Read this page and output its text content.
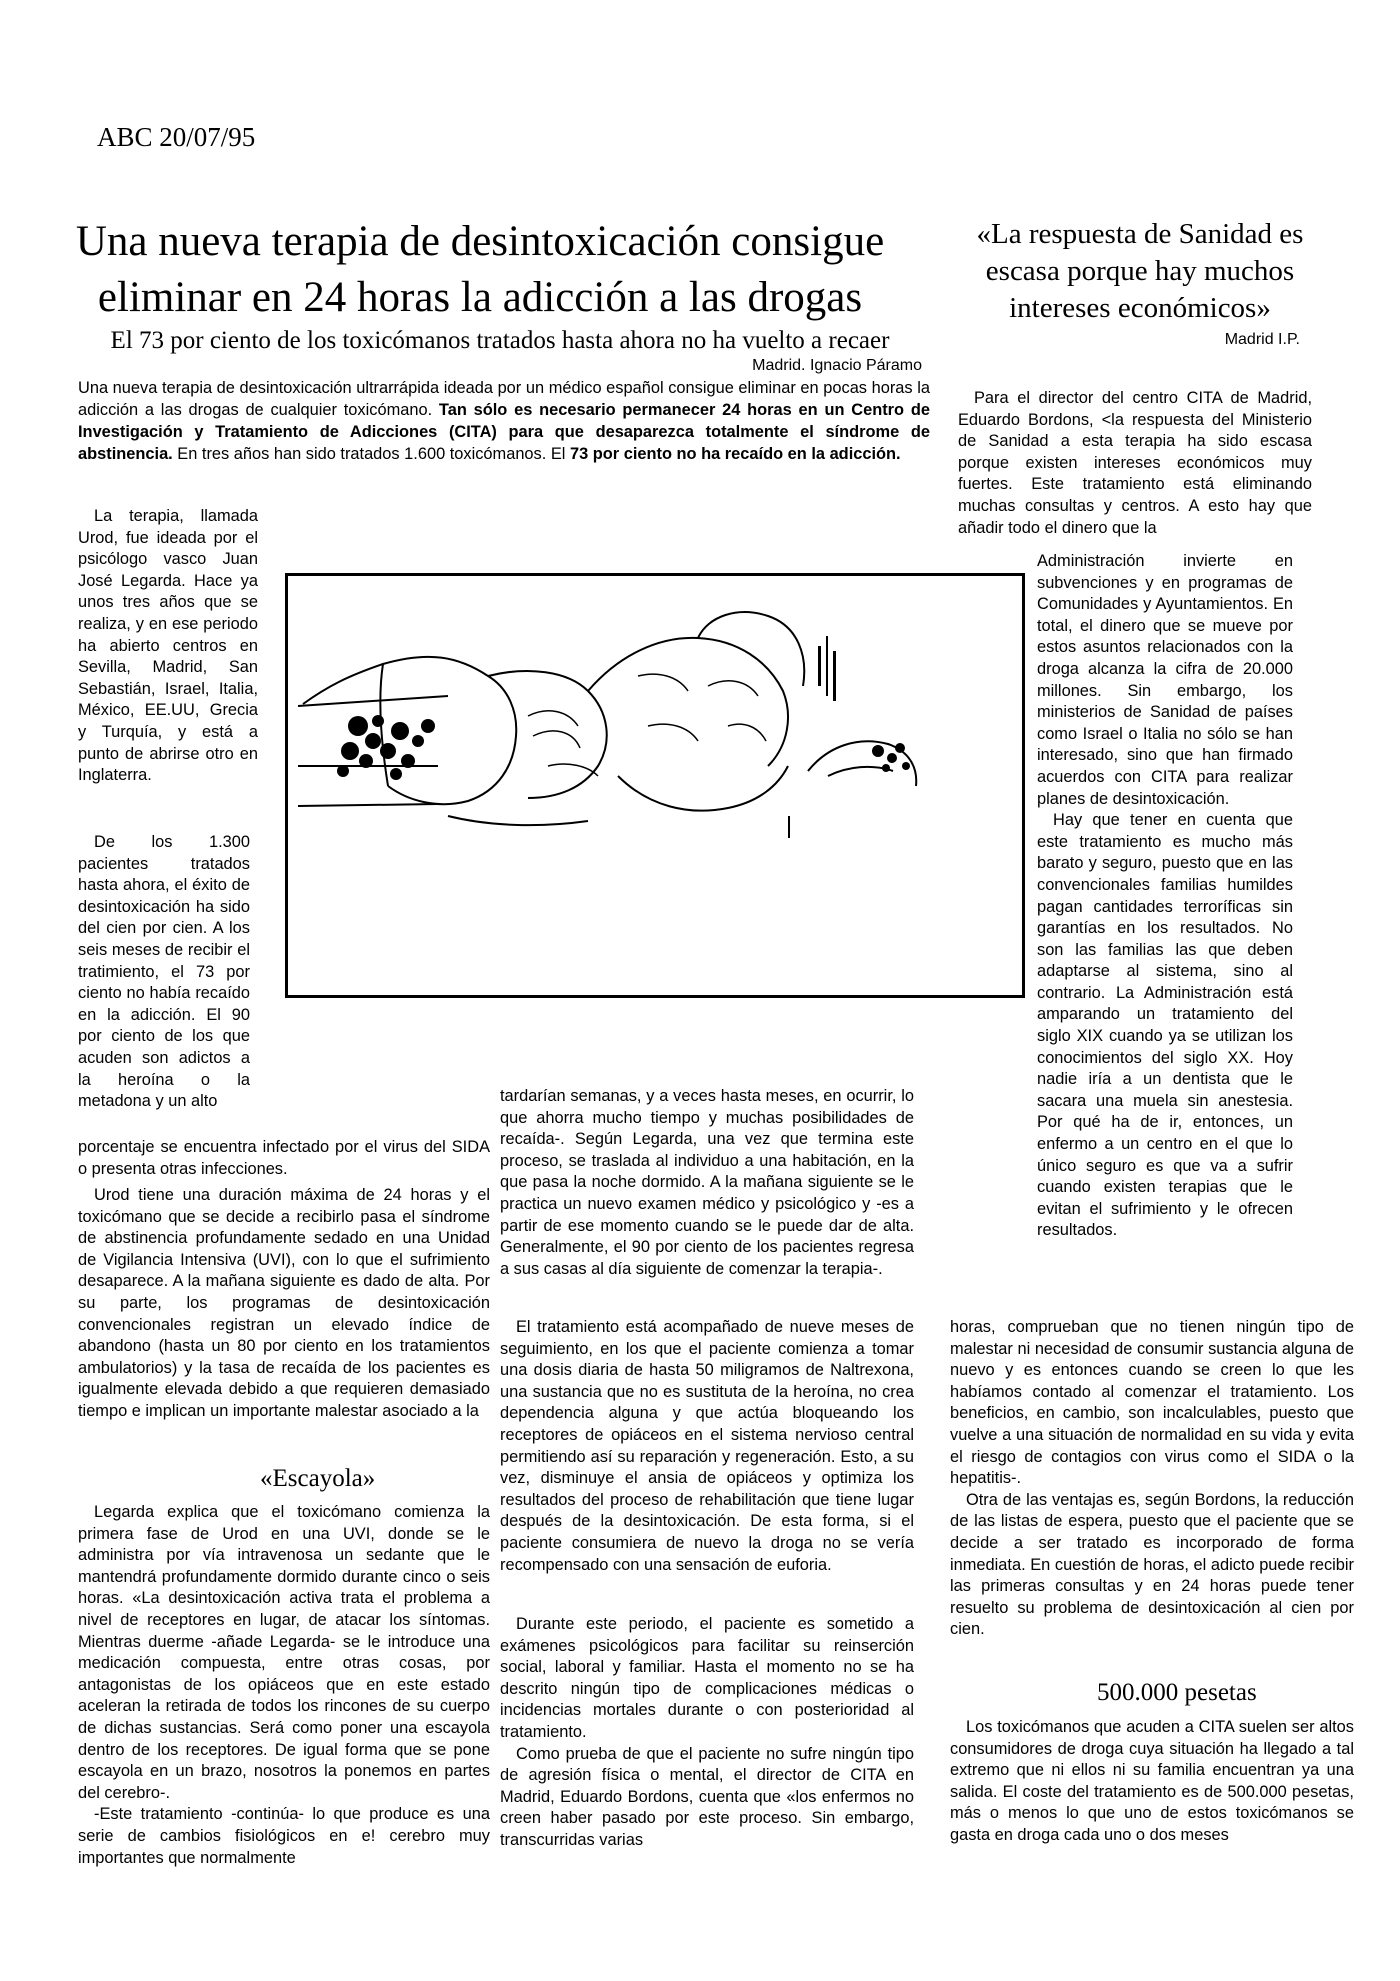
ABC 20/07/95
Una nueva terapia de desintoxicación consigue eliminar en 24 horas la adicción a las drogas
El 73 por ciento de los toxicómanos tratados hasta ahora no ha vuelto a recaer
Madrid. Ignacio Páramo
Una nueva terapia de desintoxicación ultrarrápida ideada por un médico español consigue eliminar en pocas horas la adicción a las drogas de cualquier toxicómano. Tan sólo es necesario permanecer 24 horas en un Centro de Investigación y Tratamiento de Adicciones (CITA) para que desaparezca totalmente el síndrome de abstinencia. En tres años han sido tratados 1.600 toxicómanos. El 73 por ciento no ha recaído en la adicción.
«La respuesta de Sanidad es escasa porque hay muchos intereses económicos»
Madrid I.P.

La terapia, llamada Urod, fue ideada por el psicólogo vasco Juan José Legarda. Hace ya unos tres años que se realiza, y en ese periodo ha abierto centros en Sevilla, Madrid, San Sebastián, Israel, Italia, México, EE.UU, Grecia y Turquía, y está a punto de abrirse otro en Inglaterra.

De los 1.300 pacientes tratados hasta ahora, el éxito de desintoxicación ha sido del cien por cien. A los seis meses de recibir el tratimiento, el 73 por ciento no había recaído en la adicción. El 90 por ciento de los que acuden son adictos a la heroína o la metadona y un alto

porcentaje se encuentra infectado por el virus del SIDA o presenta otras infecciones.

Urod tiene una duración máxima de 24 horas y el toxicómano que se decide a recibirlo pasa el síndrome de abstinencia profundamente sedado en una Unidad de Vigilancia Intensiva (UVI), con lo que el sufrimiento desaparece. A la mañana siguiente es dado de alta. Por su parte, los programas de desintoxicación convencionales registran un elevado índice de abandono (hasta un 80 por ciento en los tratamientos ambulatorios) y la tasa de recaída de los pacientes es igualmente elevada debido a que requieren demasiado tiempo e implican un importante malestar asociado a la

«Escayola»

Legarda explica que el toxicómano comienza la primera fase de Urod en una UVI, donde se le administra por vía intravenosa un sedante que le mantendrá profundamente dormido durante cinco o seis horas. «La desintoxicación activa trata el problema a nivel de receptores en lugar, de atacar los síntomas. Mientras duerme -añade Legarda- se le introduce una medicación compuesta, entre otras cosas, por antagonistas de los opiáceos que en este estado aceleran la retirada de todos los rincones de su cuerpo de dichas sustancias. Será como poner una escayola dentro de los receptores. De igual forma que se pone escayola en un brazo, nosotros la ponemos en partes del cerebro-.

-Este tratamiento -continúa- lo que produce es una serie de cambios fisiológicos en e! cerebro muy importantes que normalmente

tardarían semanas, y a veces hasta meses, en ocurrir, lo que ahorra mucho tiempo y muchas posibilidades de recaída-. Según Legarda, una vez que termina este proceso, se traslada al individuo a una habitación, en la que pasa la noche dormido. A la mañana siguiente se le practica un nuevo examen médico y psicológico y -es a partir de ese momento cuando se le puede dar de alta. Generalmente, el 90 por ciento de los pacientes regresa a sus casas al día siguiente de comenzar la terapia-.

El tratamiento está acompañado de nueve meses de seguimiento, en los que el paciente comienza a tomar una dosis diaria de hasta 50 miligramos de Naltrexona, una sustancia que no es sustituta de la heroína, no crea dependencia alguna y que actúa bloqueando los receptores de opiáceos en el sistema nervioso central permitiendo así su reparación y regeneración. Esto, a su vez, disminuye el ansia de opiáceos y optimiza los resultados del proceso de rehabilitación que tiene lugar después de la desintoxicación. De esta forma, si el paciente consumiera de nuevo la droga no se vería recompensado con una sensación de euforia.

Durante este periodo, el paciente es sometido a exámenes psicológicos para facilitar su reinserción social, laboral y familiar. Hasta el momento no se ha descrito ningún tipo de complicaciones médicas o incidencias mortales durante o con posterioridad al tratamiento.

Como prueba de que el paciente no sufre ningún tipo de agresión física o mental, el director de CITA en Madrid, Eduardo Bordons, cuenta que «los enfermos no creen haber pasado por este proceso. Sin embargo, transcurridas varias

Para el director del centro CITA de Madrid, Eduardo Bordons, <la respuesta del Ministerio de Sanidad a esta terapia ha sido escasa porque existen intereses económicos muy fuertes. Este tratamiento está eliminando muchas consultas y centros. A esto hay que añadir todo el dinero que la

Administración invierte en subvenciones y en programas de Comunidades y Ayuntamientos. En total, el dinero que se mueve por estos asuntos relacionados con la droga alcanza la cifra de 20.000 millones. Sin embargo, los ministerios de Sanidad de países como Israel o Italia no sólo se han interesado, sino que han firmado acuerdos con CITA para realizar planes de desintoxicación.

Hay que tener en cuenta que este tratamiento es mucho más barato y seguro, puesto que en las convencionales familias humildes pagan cantidades terroríficas sin garantías en los resultados. No son las familias las que deben adaptarse al sistema, sino al contrario. La Administración está amparando un tratamiento del siglo XIX cuando ya se utilizan los conocimientos del siglo XX. Hoy nadie iría a un dentista que le sacara una muela sin anestesia. Por qué ha de ir, entonces, un enfermo a un centro en el que lo único seguro es que va a sufrir cuando existen terapias que le evitan el sufrimiento y le ofrecen resultados.

horas, comprueban que no tienen ningún tipo de malestar ni necesidad de consumir sustancia alguna de nuevo y es entonces cuando se creen lo que les habíamos contado al comenzar el tratamiento. Los beneficios, en cambio, son incalculables, puesto que vuelve a una situación de normalidad en su vida y evita el riesgo de contagios con virus como el SIDA o la hepatitis-.

Otra de las ventajas es, según Bordons, la reducción de las listas de espera, puesto que el paciente que se decide a ser tratado es incorporado de forma inmediata. En cuestión de horas, el adicto puede recibir las primeras consultas y en 24 horas puede tener resuelto su problema de desintoxicación al cien por cien.

500.000 pesetas

Los toxicómanos que acuden a CITA suelen ser altos consumidores de droga cuya situación ha llegado a tal extremo que ni ellos ni su familia encuentran ya una salida. El coste del tratamiento es de 500.000 pesetas, más o menos lo que uno de estos toxicómanos se gasta en droga cada uno o dos meses
